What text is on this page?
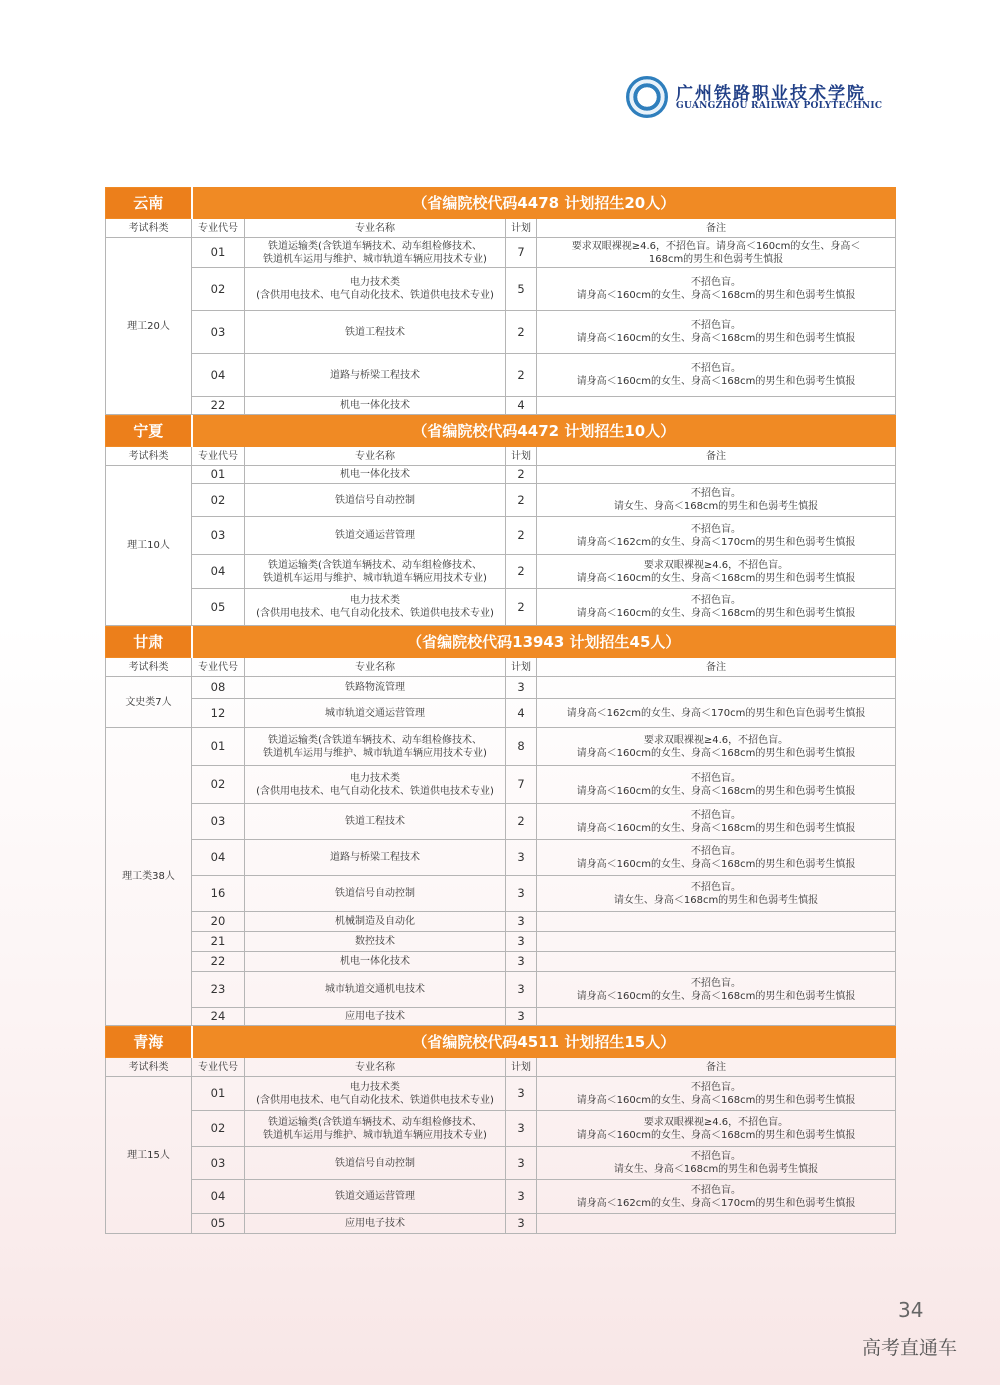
广州铁路职业技术学院
GUANGZHOU RAILWAY POLYTECHNIC
云南	（省编院校代码4478 计划招生20人）			
考试科类	专业代号	专业名称	计划	备注
理工20人	01	铁道运输类(含铁道车辆技术、动车组检修技术、
铁道机车运用与维护、城市轨道车辆应用技术专业)	7	要求双眼裸视≥4.6，不招色盲。请身高＜160cm的女生、身高＜
168cm的男生和色弱考生慎报
	02	电力技术类
(含供用电技术、电气自动化技术、铁道供电技术专业)	5	不招色盲。
请身高＜160cm的女生、身高＜168cm的男生和色弱考生慎报
	03	铁道工程技术	2	不招色盲。
请身高＜160cm的女生、身高＜168cm的男生和色弱考生慎报
	04	道路与桥梁工程技术	2	不招色盲。
请身高＜160cm的女生、身高＜168cm的男生和色弱考生慎报
	22	机电一体化技术	4	
宁夏	（省编院校代码4472 计划招生10人）			
考试科类	专业代号	专业名称	计划	备注
理工10人	01	机电一体化技术	2	
	02	铁道信号自动控制	2	不招色盲。
请女生、身高＜168cm的男生和色弱考生慎报
	03	铁道交通运营管理	2	不招色盲。
请身高＜162cm的女生、身高＜170cm的男生和色弱考生慎报
	04	铁道运输类(含铁道车辆技术、动车组检修技术、
铁道机车运用与维护、城市轨道车辆应用技术专业)	2	要求双眼裸视≥4.6，不招色盲。
请身高＜160cm的女生、身高＜168cm的男生和色弱考生慎报
	05	电力技术类
(含供用电技术、电气自动化技术、铁道供电技术专业)	2	不招色盲。
请身高＜160cm的女生、身高＜168cm的男生和色弱考生慎报
甘肃	（省编院校代码13943 计划招生45人）			
考试科类	专业代号	专业名称	计划	备注
文史类7人	08	铁路物流管理	3	
	12	城市轨道交通运营管理	4	请身高＜162cm的女生、身高＜170cm的男生和色盲色弱考生慎报
理工类38人	01	铁道运输类(含铁道车辆技术、动车组检修技术、
铁道机车运用与维护、城市轨道车辆应用技术专业)	8	要求双眼裸视≥4.6，不招色盲。
请身高＜160cm的女生、身高＜168cm的男生和色弱考生慎报
	02	电力技术类
(含供用电技术、电气自动化技术、铁道供电技术专业)	7	不招色盲。
请身高＜160cm的女生、身高＜168cm的男生和色弱考生慎报
	03	铁道工程技术	2	不招色盲。
请身高＜160cm的女生、身高＜168cm的男生和色弱考生慎报
	04	道路与桥梁工程技术	3	不招色盲。
请身高＜160cm的女生、身高＜168cm的男生和色弱考生慎报
	16	铁道信号自动控制	3	不招色盲。
请女生、身高＜168cm的男生和色弱考生慎报
	20	机械制造及自动化	3	
	21	数控技术	3	
	22	机电一体化技术	3	
	23	城市轨道交通机电技术	3	不招色盲。
请身高＜160cm的女生、身高＜168cm的男生和色弱考生慎报
	24	应用电子技术	3	
青海	（省编院校代码4511 计划招生15人）			
考试科类	专业代号	专业名称	计划	备注
理工15人	01	电力技术类
(含供用电技术、电气自动化技术、铁道供电技术专业)	3	不招色盲。
请身高＜160cm的女生、身高＜168cm的男生和色弱考生慎报
	02	铁道运输类(含铁道车辆技术、动车组检修技术、
铁道机车运用与维护、城市轨道车辆应用技术专业)	3	要求双眼裸视≥4.6，不招色盲。
请身高＜160cm的女生、身高＜168cm的男生和色弱考生慎报
	03	铁道信号自动控制	3	不招色盲。
请女生、身高＜168cm的男生和色弱考生慎报
	04	铁道交通运营管理	3	不招色盲。
请身高＜162cm的女生、身高＜170cm的男生和色弱考生慎报
	05	应用电子技术	3	
34
高考直通车
